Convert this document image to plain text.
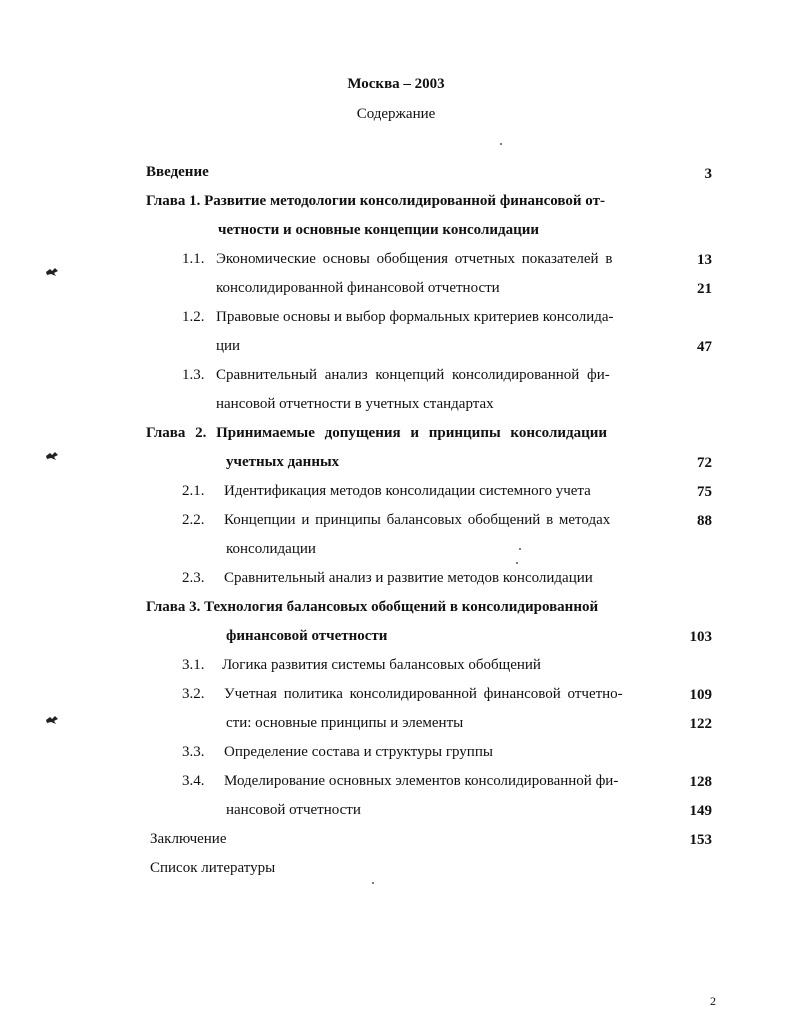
Москва – 2003
Содержание
Введение	3
Глава 1. Развитие методологии консолидированной финансовой от-
четности и основные концепции консолидации
1.1. Экономические основы обобщения отчетных показателей в	13
консолидированной финансовой отчетности	21
1.2. Правовые основы и выбор формальных критериев консолида-
ции	47
1.3. Сравнительный анализ концепций консолидированной фи-
нансовой отчетности в учетных стандартах
Глава 2. Принимаемые допущения и принципы консолидации
учетных данных	72
2.1. Идентификация методов консолидации системного учета	75
2.2. Концепции и принципы балансовых обобщений в методах	88
консолидации
2.3. Сравнительный анализ и развитие методов консолидации
Глава 3. Технология балансовых обобщений в консолидированной
финансовой отчетности	103
3.1. Логика развития системы балансовых обобщений
3.2. Учетная политика консолидированной финансовой отчетно-	109
сти: основные принципы и элементы	122
3.3. Определение состава и структуры группы
3.4. Моделирование основных элементов консолидированной фи-	128
нансовой отчетности	149
Заключение	153
Список литературы
2
